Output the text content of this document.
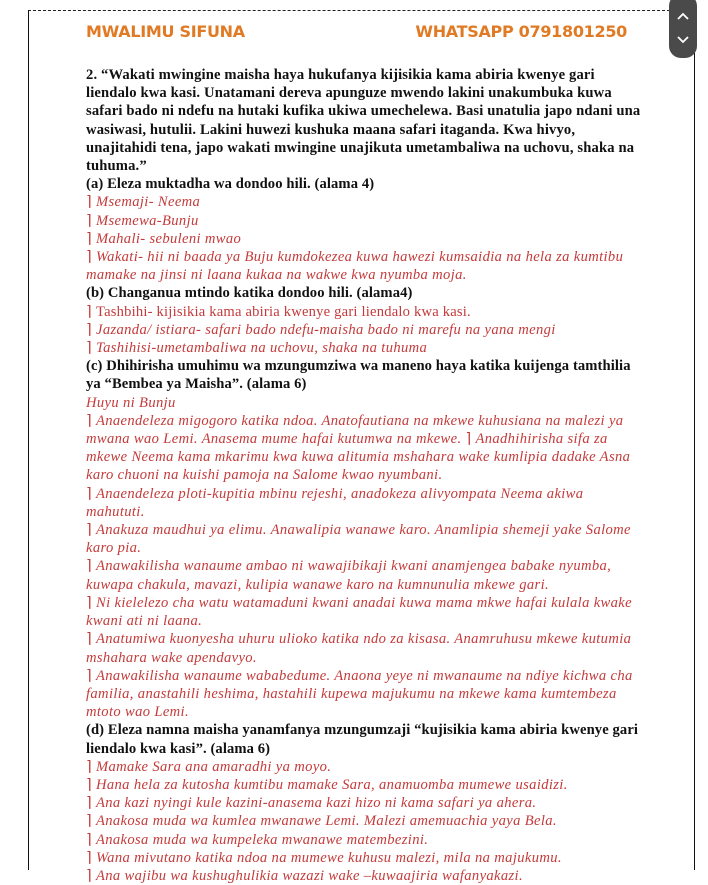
MWALIMU SIFUNA	WHATSAPP 0791801250
2. “Wakati mwingine maisha haya hukufanya kijisikia kama abiria kwenye gari liendalo kwa kasi. Unatamani dereva apunguze mwendo lakini unakumbuka kuwa safari bado ni ndefu na hutaki kufika ukiwa umechelewa. Basi unatulia japo ndani una wasiwasi, hutulii. Lakini huwezi kushuka maana safari itaganda. Kwa hivyo, unajitahidi tena, japo wakati mwingine unajikuta umetambaliwa na uchovu, shaka na tuhuma.”
(a) Eleza muktadha wa dondoo hili. (alama 4)
⌉ Msemaji- Neema
⌉ Msemewa-Bunju
⌉ Mahali- sebuleni mwao
⌉ Wakati- hii ni baada ya Buju kumdokezea kuwa hawezi kumsaidia na hela za kumtibu mamake na jinsi ni laana kukaa na wakwe kwa nyumba moja.
(b) Changanua mtindo katika dondoo hili. (alama4)
⌉ Tashbihi- kijisikia kama abiria kwenye gari liendalo kwa kasi.
⌉ Jazanda/ istiara- safari bado ndefu-maisha bado ni marefu na yana mengi
⌉ Tashihisi-umetambaliwa na uchovu, shaka na tuhuma
(c) Dhihirisha umuhimu wa mzungumziwa wa maneno haya katika kuijenga tamthilia ya “Bembea ya Maisha”. (alama 6)
Huyu ni Bunju
⌉ Anaendeleza migogoro katika ndoa. Anatofautiana na mkewe kuhusiana na malezi ya mwana wao Lemi. Anasema mume hafai kutumwa na mkewe. ⌉ Anadhihirisha sifa za mkewe Neema kama mkarimu kwa kuwa alitumia mshahara wake kumlipia dadake Asna karo chuoni na kuishi pamoja na Salome kwao nyumbani.
⌉ Anaendeleza ploti-kupitia mbinu rejeshi, anadokeza alivyompata Neema akiwa mahututi.
⌉ Anakuza maudhui ya elimu. Anawalipia wanawe karo. Anamlipia shemeji yake Salome karo pia.
⌉ Anawakilisha wanaume ambao ni wawajibikaji kwani anamjengea babake nyumba, kuwapa chakula, mavazi, kulipia wanawe karo na kumnunulia mkewe gari.
⌉ Ni kielelezo cha watu watamaduni kwani anadai kuwa mama mkwe hafai kulala kwake kwani ati ni laana.
⌉ Anatumiwa kuonyesha uhuru ulioko katika ndo za kisasa. Anamruhusu mkewe kutumia mshahara wake apendavyo.
⌉ Anawakilisha wanaume wababedume. Anaona yeye ni mwanaume na ndiye kichwa cha familia, anastahili heshima, hastahili kupewa majukumu na mkewe kama kumtembeza mtoto wao Lemi.
(d) Eleza namna maisha yanamfanya mzungumzaji “kujisikia kama abiria kwenye gari liendalo kwa kasi”. (alama 6)
⌉ Mamake Sara ana amaradhi ya moyo.
⌉ Hana hela za kutosha kumtibu mamake Sara, anamuomba mumewe usaidizi.
⌉ Ana kazi nyingi kule kazini-anasema kazi hizo ni kama safari ya ahera.
⌉ Anakosa muda wa kumlea mwanawe Lemi. Malezi amemuachia yaya Bela.
⌉ Anakosa muda wa kumpeleka mwanawe matembezini.
⌉ Wana mivutano katika ndoa na mumewe kuhusu malezi, mila na majukumu.
⌉ Ana wajibu wa kushughulikia wazazi wake –kuwaajiria wafanyakazi.
